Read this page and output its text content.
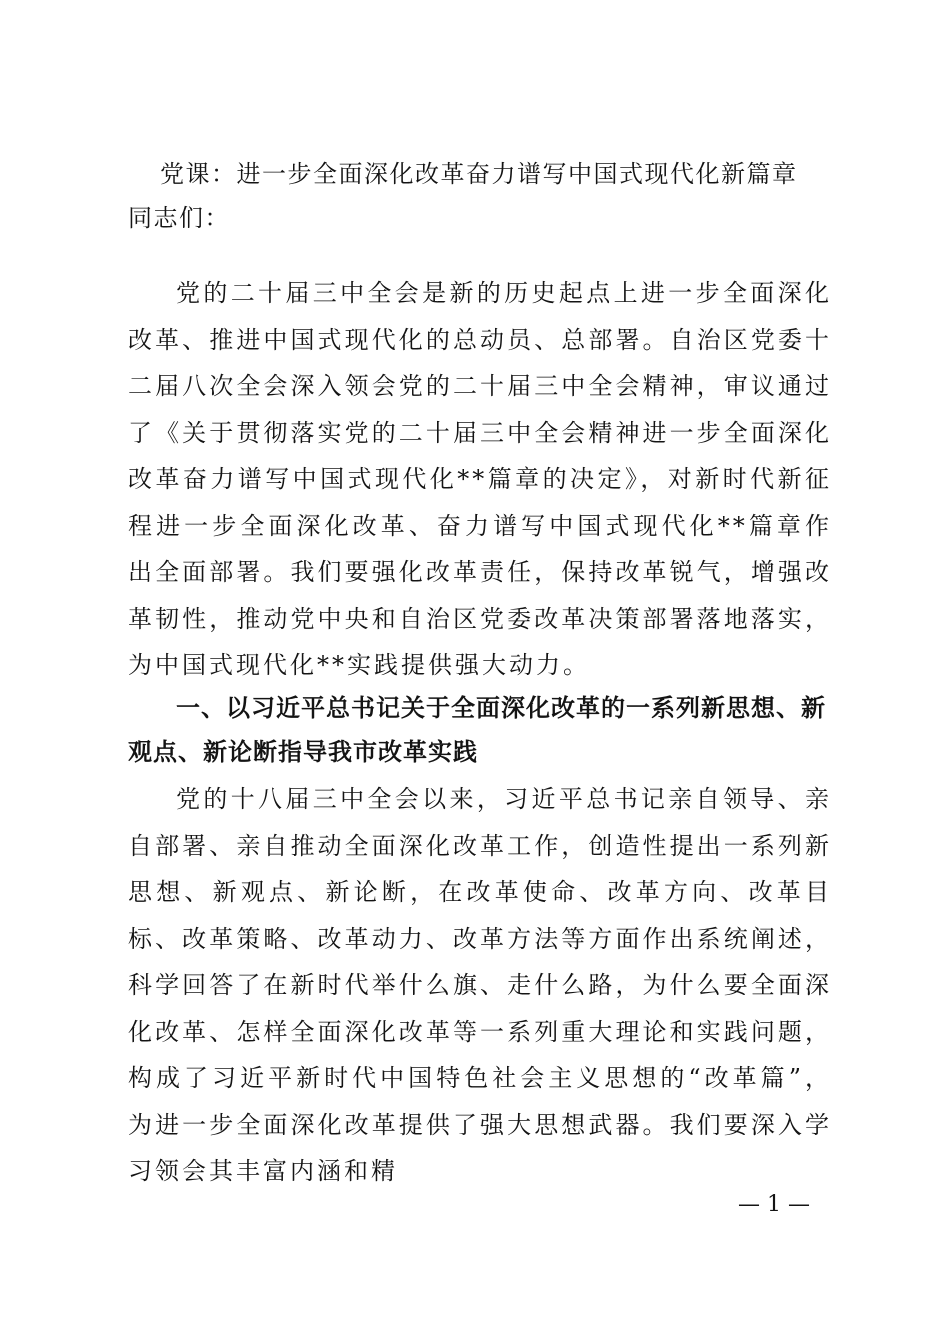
党课：进一步全面深化改革奋力谱写中国式现代化新篇章
同志们：

党的二十届三中全会是新的历史起点上进一步全面深化改革、推进中国式现代化的总动员、总部署。自治区党委十二届八次全会深入领会党的二十届三中全会精神，审议通过了《关于贯彻落实党的二十届三中全会精神进一步全面深化改革奋力谱写中国式现代化**篇章的决定》，对新时代新征程进一步全面深化改革、奋力谱写中国式现代化**篇章作出全面部署。我们要强化改革责任，保持改革锐气，增强改革韧性，推动党中央和自治区党委改革决策部署落地落实，为中国式现代化**实践提供强大动力。

一、以习近平总书记关于全面深化改革的一系列新思想、新观点、新论断指导我市改革实践

党的十八届三中全会以来，习近平总书记亲自领导、亲自部署、亲自推动全面深化改革工作，创造性提出一系列新思想、新观点、新论断，在改革使命、改革方向、改革目标、改革策略、改革动力、改革方法等方面作出系统阐述，科学回答了在新时代举什么旗、走什么路，为什么要全面深化改革、怎样全面深化改革等一系列重大理论和实践问题，构成了习近平新时代中国特色社会主义思想的“改革篇”，为进一步全面深化改革提供了强大思想武器。我们要深入学习领会其丰富内涵和精

— 1 —
